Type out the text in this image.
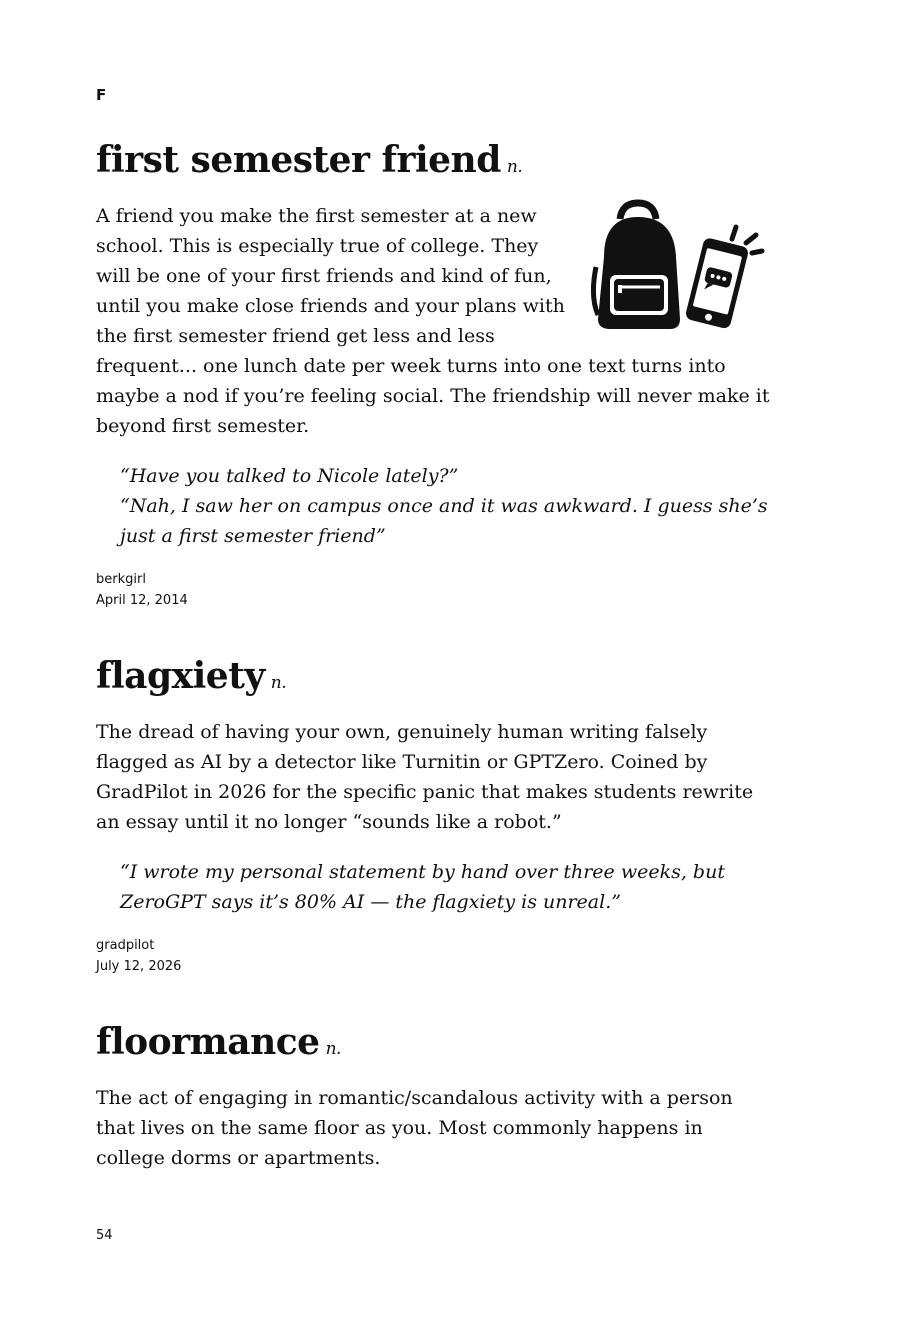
F
first semester friend n.
A friend you make the first semester at a new school. This is especially true of college. They will be one of your first friends and kind of fun, until you make close friends and your plans with the first semester friend get less and less frequent... one lunch date per week turns into one text turns into maybe a nod if you’re feeling social. The friendship will never make it beyond first semester.
“Have you talked to Nicole lately?”
“Nah, I saw her on campus once and it was awkward. I guess she’s just a first semester friend”
berkgirl
April 12, 2014
flagxiety n.
The dread of having your own, genuinely human writing falsely flagged as AI by a detector like Turnitin or GPTZero. Coined by GradPilot in 2026 for the specific panic that makes students rewrite an essay until it no longer “sounds like a robot.”
“I wrote my personal statement by hand over three weeks, but ZeroGPT says it’s 80% AI — the flagxiety is unreal.”
gradpilot
July 12, 2026
floormance n.
The act of engaging in romantic/scandalous activity with a person that lives on the same floor as you. Most commonly happens in college dorms or apartments.
54
